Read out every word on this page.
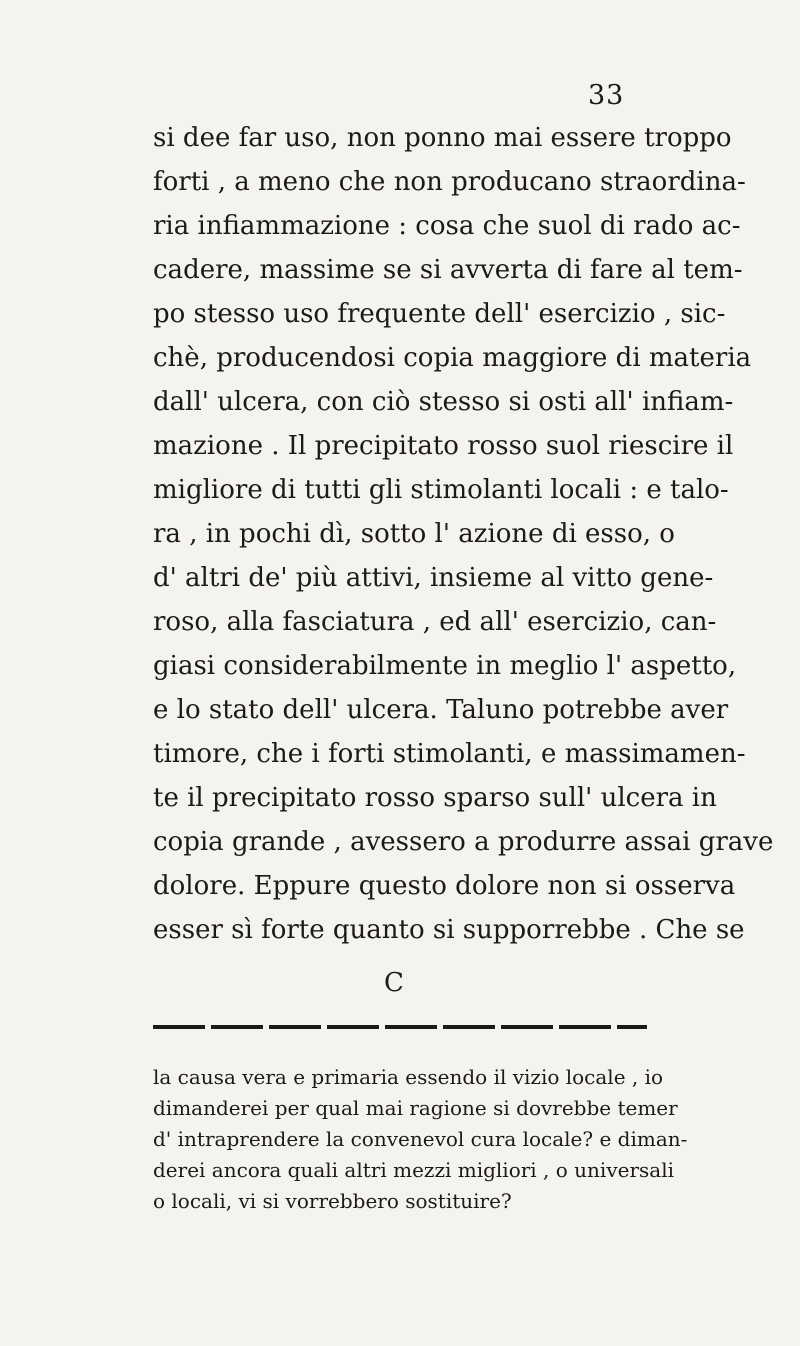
33
si dee far uso, non ponno mai essere troppo
forti , a meno che non producano straordina-
ria infiammazione : cosa che suol di rado ac-
cadere, massime se si avverta di fare al tem-
po stesso uso frequente dell' esercizio , sic-
chè, producendosi copia maggiore di materia
dall' ulcera, con ciò stesso si osti all' infiam-
mazione . Il precipitato rosso suol riescire il
migliore di tutti gli stimolanti locali : e talo-
ra , in pochi dì, sotto l' azione di esso, o
d' altri de' più attivi, insieme al vitto gene-
roso, alla fasciatura , ed all' esercizio, can-
giasi considerabilmente in meglio l' aspetto,
e lo stato dell' ulcera. Taluno potrebbe aver
timore, che i forti stimolanti, e massimamen-
te il precipitato rosso sparso sull' ulcera in
copia grande , avessero a produrre assai grave
dolore. Eppure questo dolore non si osserva
esser sì forte quanto si supporrebbe . Che se
C
la causa vera e primaria essendo il vizio locale , io
dimanderei per qual mai ragione si dovrebbe temer
d' intraprendere la convenevol cura locale? e diman-
derei ancora quali altri mezzi migliori , o universali
o locali, vi si vorrebbero sostituire?
